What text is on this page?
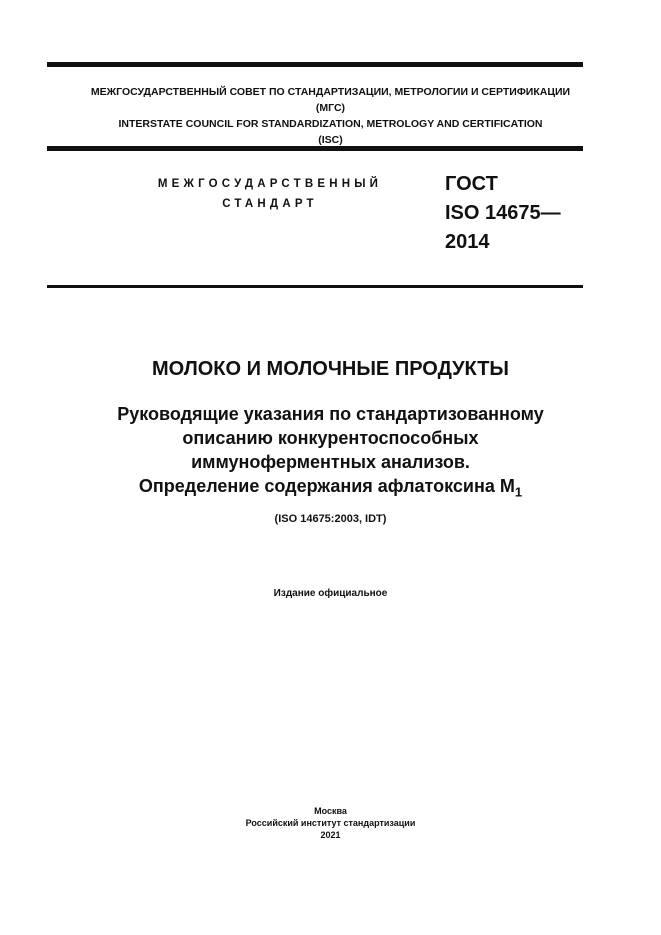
МЕЖГОСУДАРСТВЕННЫЙ СОВЕТ ПО СТАНДАРТИЗАЦИИ, МЕТРОЛОГИИ И СЕРТИФИКАЦИИ
(МГС)
INTERSTATE COUNCIL FOR STANDARDIZATION, METROLOGY AND CERTIFICATION
(ISC)
МЕЖГОСУДАРСТВЕННЫЙ
СТАНДАРТ
ГОСТ
ISO 14675—
2014
МОЛОКО И МОЛОЧНЫЕ ПРОДУКТЫ
Руководящие указания по стандартизованному
описанию конкурентоспособных
иммуноферментных анализов.
Определение содержания афлатоксина $M_1$
(ISO 14675:2003, IDT)
Издание официальное
Москва
Российский институт стандартизации
2021
